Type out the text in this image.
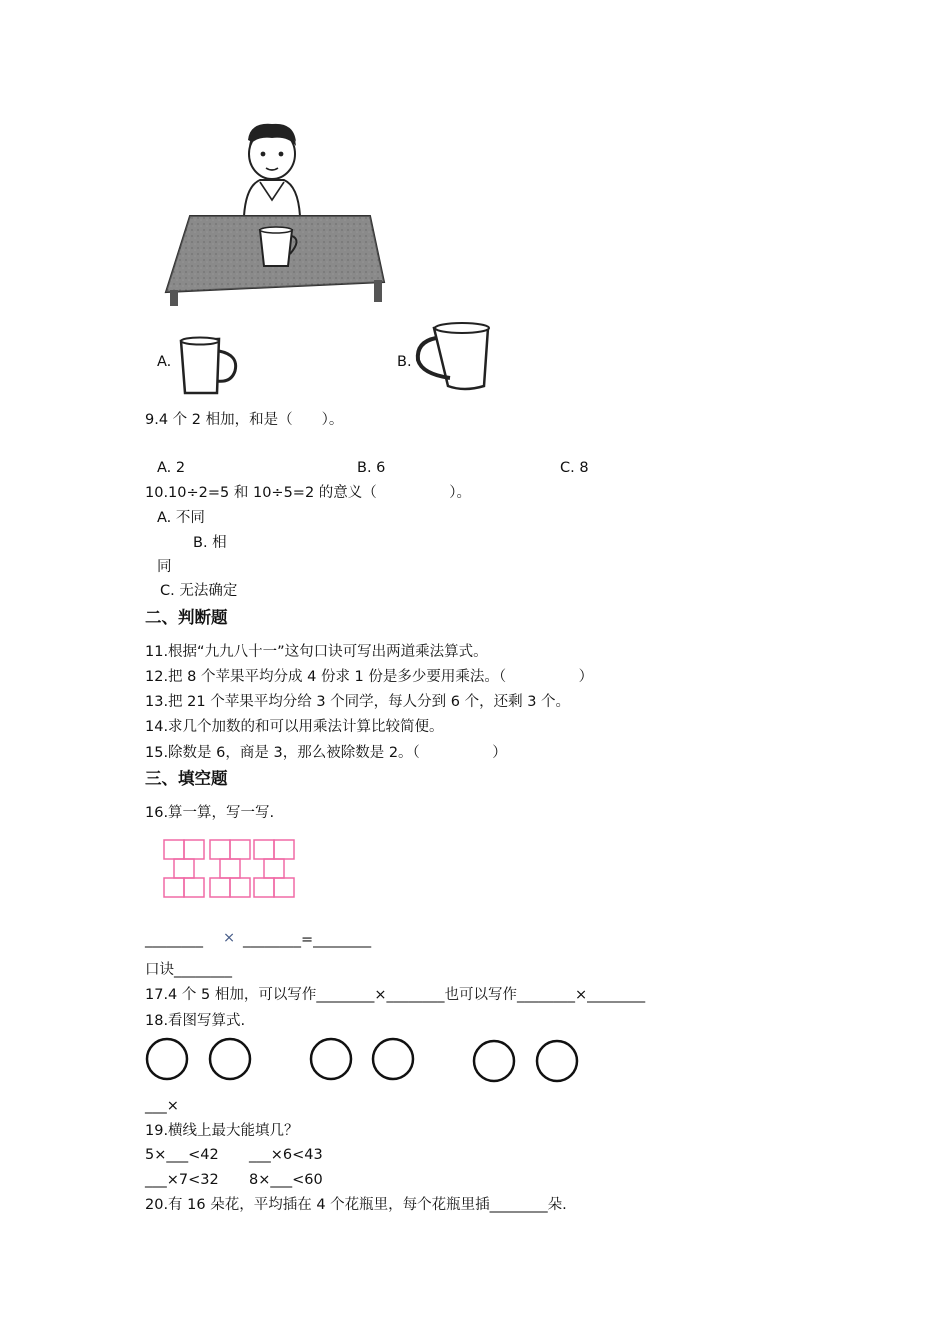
A.	B.
9.4 个 2 相加，和是（　　）。
A. 2	B. 6	C. 8
10.10÷2=5 和 10÷5=2 的意义（　　　　　）。
A. 不同
B. 相
同
C. 无法确定
二、判断题
11.根据“九九八十一”这句口诀可写出两道乘法算式。
12.把 8 个苹果平均分成 4 份求 1 份是多少要用乘法。（　　　　　）
13.把 21 个苹果平均分给 3 个同学，每人分到 6 个，还剩 3 个。
14.求几个加数的和可以用乘法计算比较简便。
15.除数是 6，商是 3，那么被除数是 2。（　　　　　）
三、填空题
16.算一算，写一写.
________ × ________=________
口诀________
17.4 个 5 相加，可以写作________×________也可以写作________×________
18.看图写算式.
___×
19.横线上最大能填几？
5×___<42 ___×6<43
___×7<32 8×___<60
20.有 16 朵花，平均插在 4 个花瓶里，每个花瓶里插________朵.
